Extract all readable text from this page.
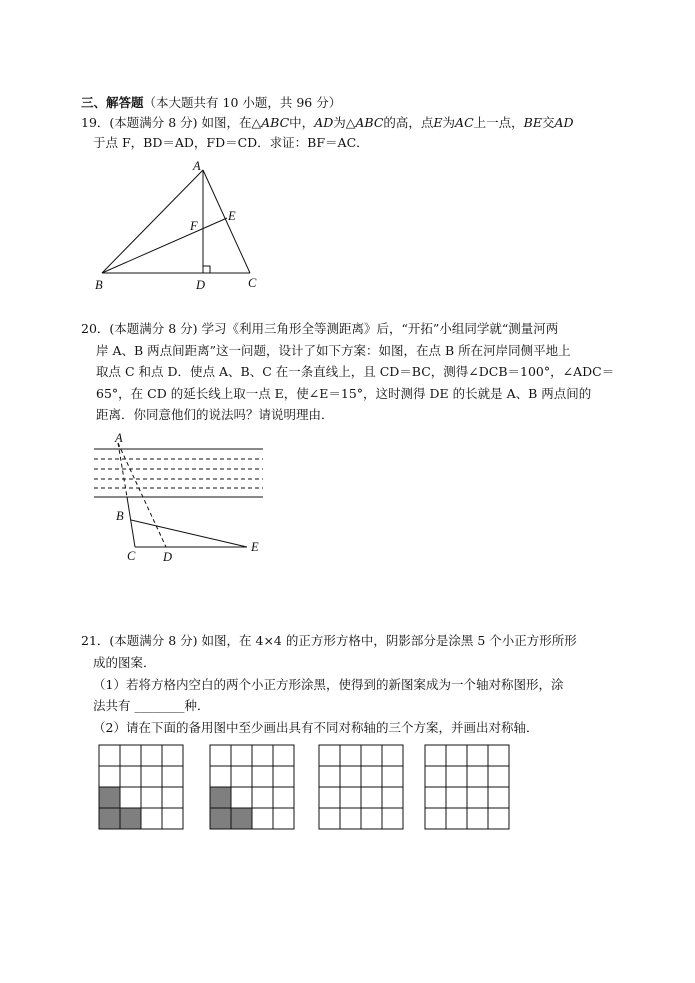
三、解答题（本大题共有 10 小题，共 96 分）
19．(本题满分 8 分) 如图，在△ABC中，AD为△ABC的高，点E为AC上一点，BE交AD
于点 F，BD＝AD，FD＝CD．求证：BF＝AC．
A
E
F
B	D	C
20．(本题满分 8 分) 学习《利用三角形全等测距离》后，“开拓”小组同学就“测量河两
岸 A、B 两点间距离”这一问题，设计了如下方案：如图，在点 B 所在河岸同侧平地上
取点 C 和点 D．使点 A、B、C 在一条直线上，且 CD＝BC，测得∠DCB＝100°，∠ADC＝
65°，在 CD 的延长线上取一点 E，使∠E＝15°，这时测得 DE 的长就是 A、B 两点间的
距离．你同意他们的说法吗？请说明理由．
A
B
C D
E
21．(本题满分 8 分) 如图，在 4×4 的正方形方格中，阴影部分是涂黑 5 个小正方形所形
成的图案．
（1）若将方格内空白的两个小正方形涂黑，使得到的新图案成为一个轴对称图形，涂
法共有 ________种．
（2）请在下面的备用图中至少画出具有不同对称轴的三个方案，并画出对称轴．
